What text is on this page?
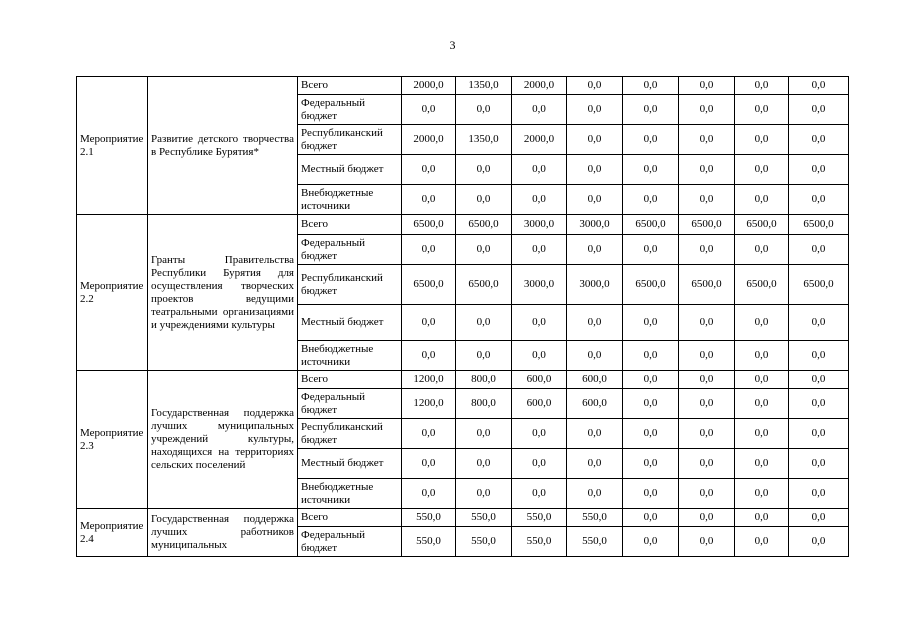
3
Мероприятие 2.1	Развитие детского творчества в Республике Бурятия*	Всего	2000,0	1350,0	2000,0	0,0	0,0	0,0	0,0	0,0
		Федеральный бюджет	0,0	0,0	0,0	0,0	0,0	0,0	0,0	0,0
		Республиканский бюджет	2000,0	1350,0	2000,0	0,0	0,0	0,0	0,0	0,0
		Местный бюджет	0,0	0,0	0,0	0,0	0,0	0,0	0,0	0,0
		Внебюджетные источники	0,0	0,0	0,0	0,0	0,0	0,0	0,0	0,0
Мероприятие 2.2	Гранты Правительства Республики Бурятия для осуществления творческих проектов ведущими театральными организациями и учреждениями культуры	Всего	6500,0	6500,0	3000,0	3000,0	6500,0	6500,0	6500,0	6500,0
		Федеральный бюджет	0,0	0,0	0,0	0,0	0,0	0,0	0,0	0,0
		Республиканский бюджет	6500,0	6500,0	3000,0	3000,0	6500,0	6500,0	6500,0	6500,0
		Местный бюджет	0,0	0,0	0,0	0,0	0,0	0,0	0,0	0,0
		Внебюджетные источники	0,0	0,0	0,0	0,0	0,0	0,0	0,0	0,0
Мероприятие 2.3	Государственная поддержка лучших муниципальных учреждений культуры, находящихся на территориях сельских поселений	Всего	1200,0	800,0	600,0	600,0	0,0	0,0	0,0	0,0
		Федеральный бюджет	1200,0	800,0	600,0	600,0	0,0	0,0	0,0	0,0
		Республиканский бюджет	0,0	0,0	0,0	0,0	0,0	0,0	0,0	0,0
		Местный бюджет	0,0	0,0	0,0	0,0	0,0	0,0	0,0	0,0
		Внебюджетные источники	0,0	0,0	0,0	0,0	0,0	0,0	0,0	0,0
Мероприятие 2.4	Государственная поддержка лучших работников муниципальных	Всего	550,0	550,0	550,0	550,0	0,0	0,0	0,0	0,0
		Федеральный бюджет	550,0	550,0	550,0	550,0	0,0	0,0	0,0	0,0
